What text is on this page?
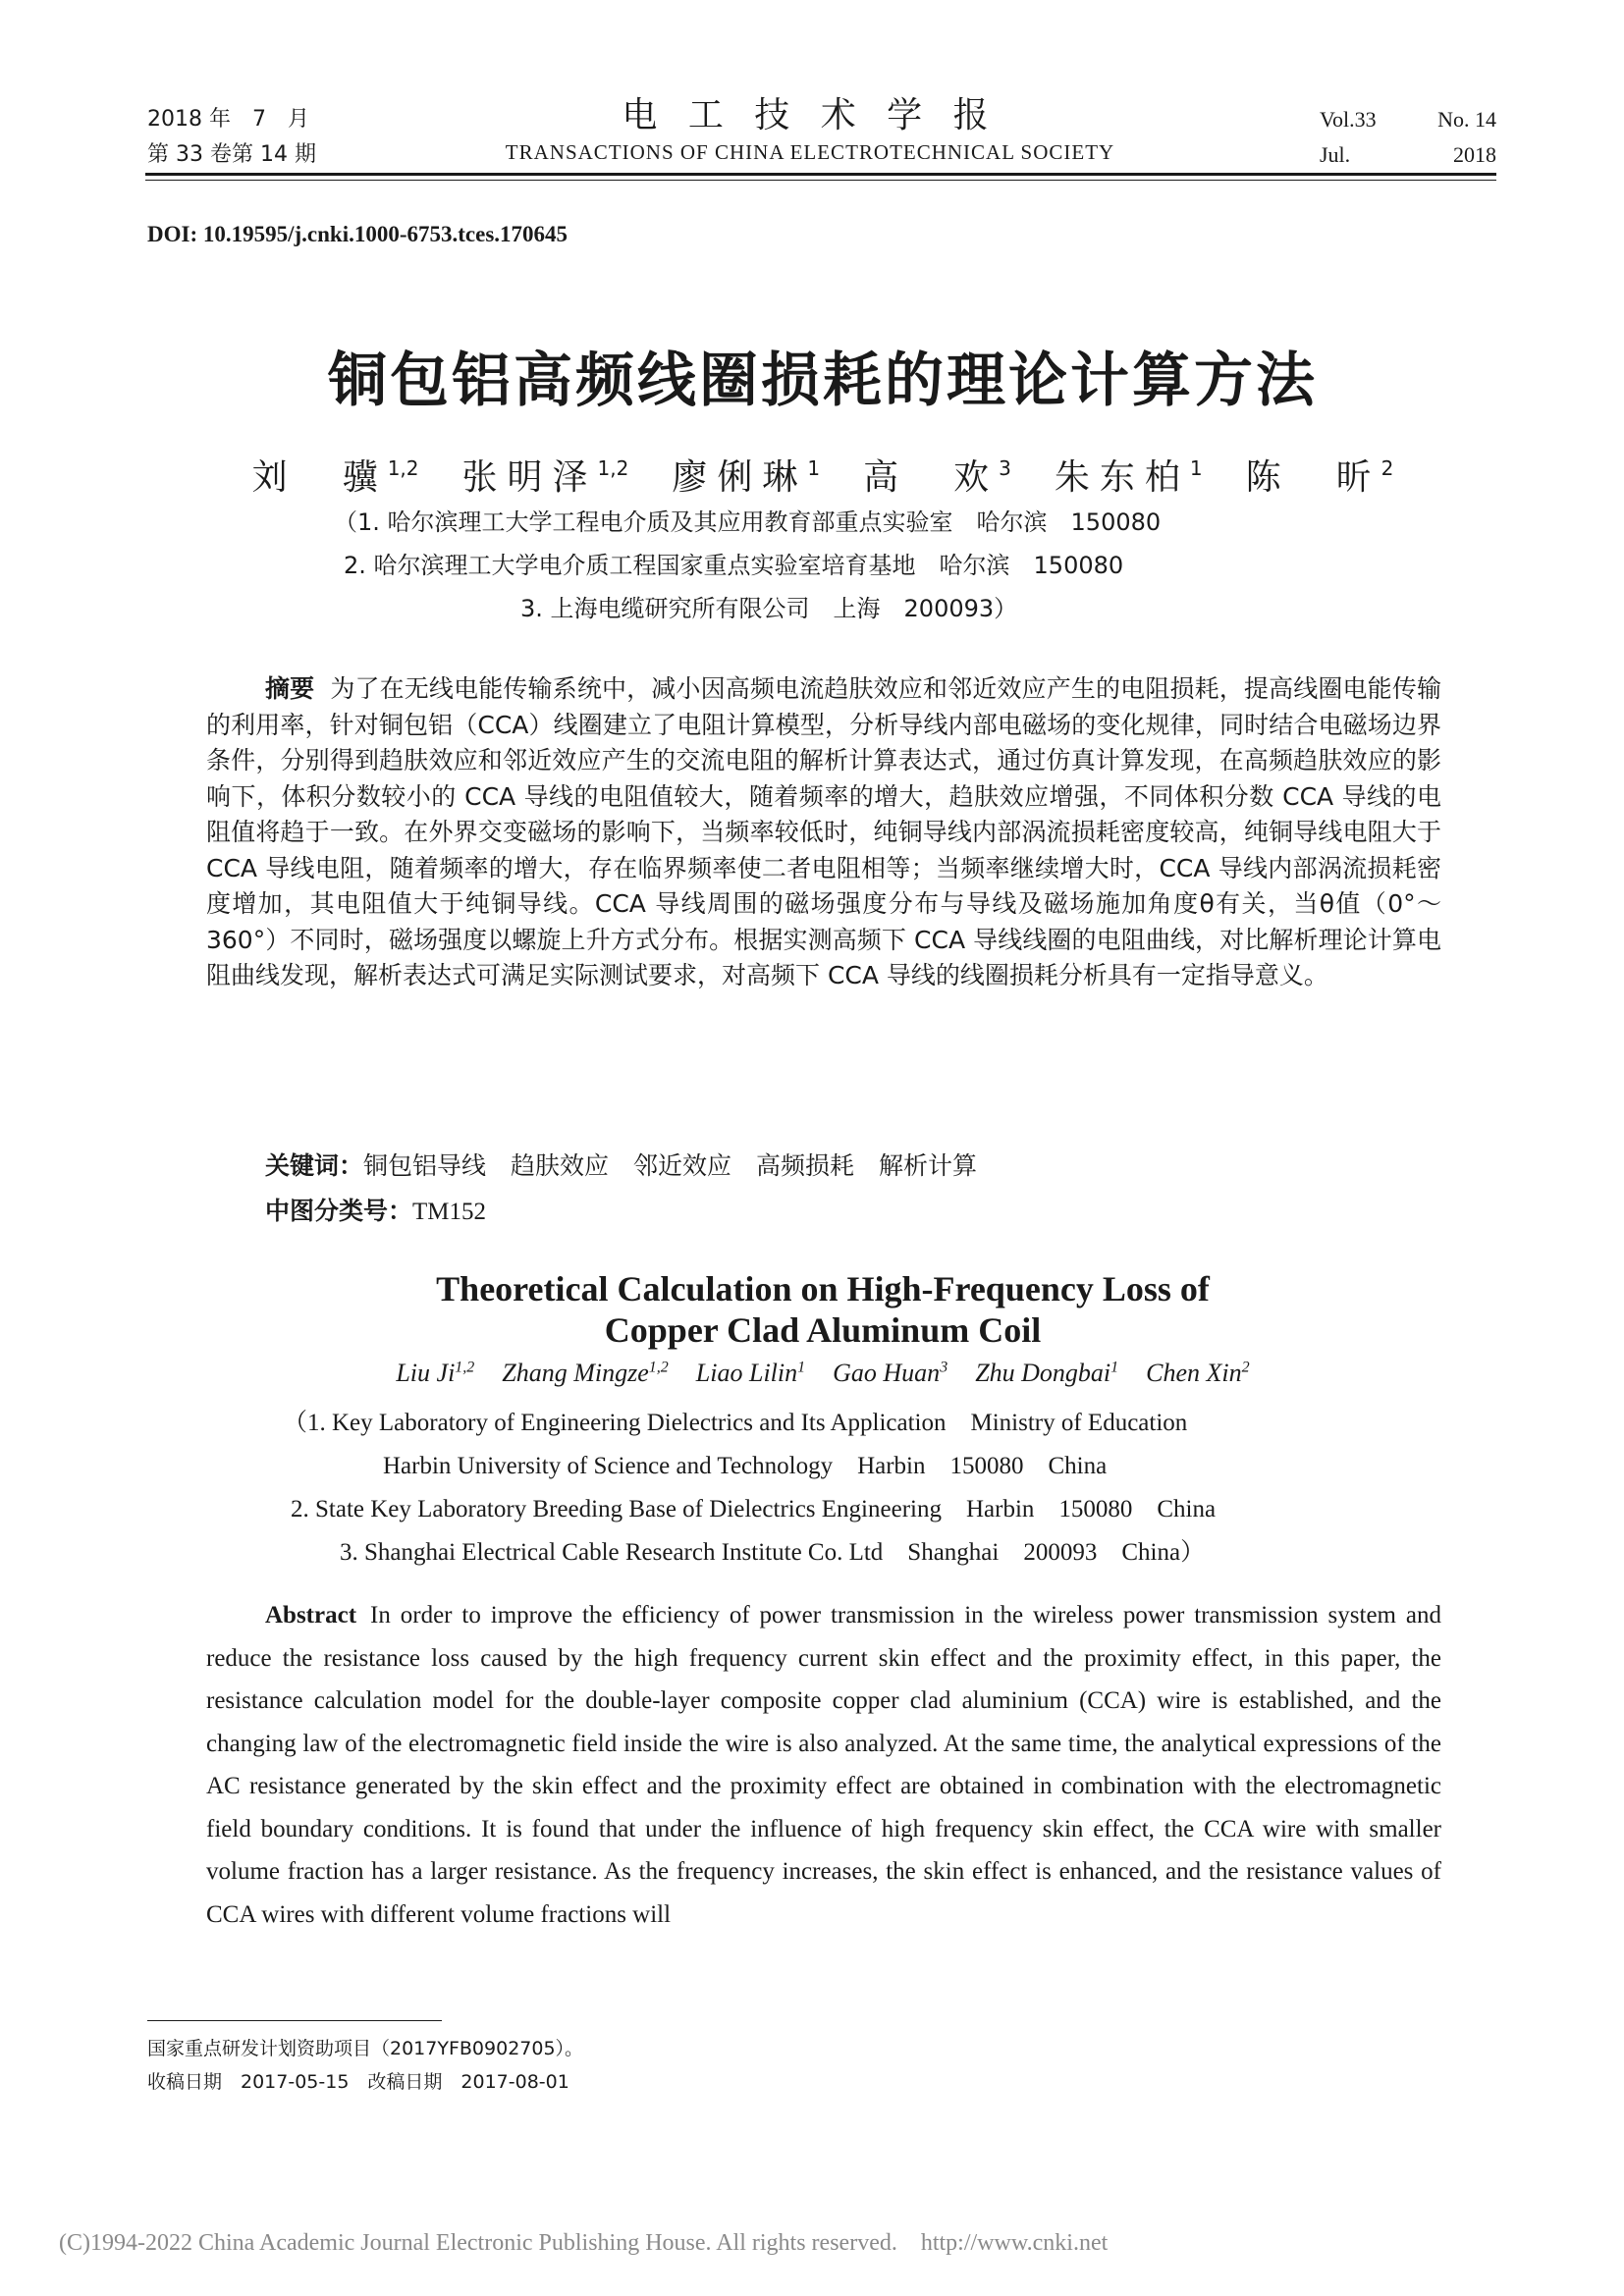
2018 年　7　月
第 33 卷第 14 期
电 工 技 术 学 报
TRANSACTIONS OF CHINA ELECTROTECHNICAL SOCIETY
Vol.33	No. 14
Jul.	2018
DOI: 10.19595/j.cnki.1000-6753.tces.170645
铜包铝高频线圈损耗的理论计算方法
刘　骥$^{1,2}$ 张明泽$^{1,2}$ 廖俐琳$^1$ 高　欢$^3$ 朱东柏$^1$ 陈　昕$^2$
（1. 哈尔滨理工大学工程电介质及其应用教育部重点实验室　哈尔滨　150080
2. 哈尔滨理工大学电介质工程国家重点实验室培育基地　哈尔滨　150080
3. 上海电缆研究所有限公司　上海　200093）
摘要 为了在无线电能传输系统中，减小因高频电流趋肤效应和邻近效应产生的电阻损耗，提高线圈电能传输的利用率，针对铜包铝（CCA）线圈建立了电阻计算模型，分析导线内部电磁场的变化规律，同时结合电磁场边界条件，分别得到趋肤效应和邻近效应产生的交流电阻的解析计算表达式，通过仿真计算发现，在高频趋肤效应的影响下，体积分数较小的 CCA 导线的电阻值较大，随着频率的增大，趋肤效应增强，不同体积分数 CCA 导线的电阻值将趋于一致。在外界交变磁场的影响下，当频率较低时，纯铜导线内部涡流损耗密度较高，纯铜导线电阻大于 CCA 导线电阻，随着频率的增大，存在临界频率使二者电阻相等；当频率继续增大时，CCA 导线内部涡流损耗密度增加，其电阻值大于纯铜导线。CCA 导线周围的磁场强度分布与导线及磁场施加角度θ有关，当θ值（0°～360°）不同时，磁场强度以螺旋上升方式分布。根据实测高频下 CCA 导线线圈的电阻曲线，对比解析理论计算电阻曲线发现，解析表达式可满足实际测试要求，对高频下 CCA 导线的线圈损耗分析具有一定指导意义。
关键词：铜包铝导线　趋肤效应　邻近效应　高频损耗　解析计算
中图分类号：TM152
Theoretical Calculation on High-Frequency Loss of
Copper Clad Aluminum Coil
Liu Ji$^{1,2}$ Zhang Mingze$^{1,2}$ Liao Lilin$^1$ Gao Huan$^3$ Zhu Dongbai$^1$ Chen Xin$^2$
（1. Key Laboratory of Engineering Dielectrics and Its Application　Ministry of Education
Harbin University of Science and Technology　Harbin　150080　China
2. State Key Laboratory Breeding Base of Dielectrics Engineering　Harbin　150080　China
3. Shanghai Electrical Cable Research Institute Co. Ltd　Shanghai　200093　China）
Abstract In order to improve the efficiency of power transmission in the wireless power transmission system and reduce the resistance loss caused by the high frequency current skin effect and the proximity effect, in this paper, the resistance calculation model for the double-layer composite copper clad aluminium (CCA) wire is established, and the changing law of the electromagnetic field inside the wire is also analyzed. At the same time, the analytical expressions of the AC resistance generated by the skin effect and the proximity effect are obtained in combination with the electromagnetic field boundary conditions. It is found that under the influence of high frequency skin effect, the CCA wire with smaller volume fraction has a larger resistance. As the frequency increases, the skin effect is enhanced, and the resistance values of CCA wires with different volume fractions will
国家重点研发计划资助项目（2017YFB0902705）。
收稿日期　2017-05-15　改稿日期　2017-08-01
(C)1994-2022 China Academic Journal Electronic Publishing House. All rights reserved.　http://www.cnki.net
